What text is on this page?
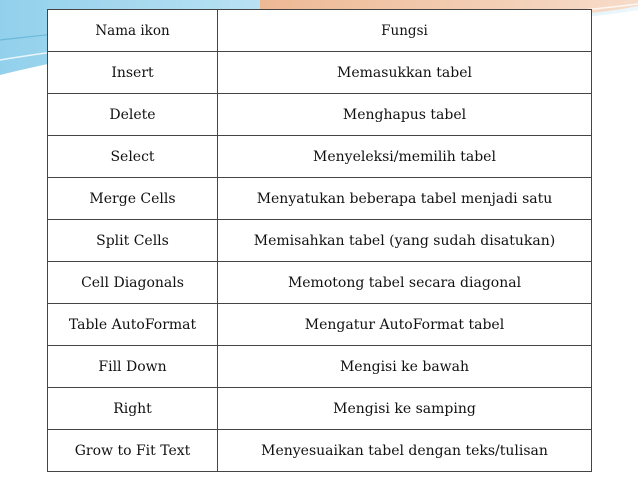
Nama ikon	Fungsi
Insert	Memasukkan tabel
Delete	Menghapus tabel
Select	Menyeleksi/memilih tabel
Merge Cells	Menyatukan beberapa tabel menjadi satu
Split Cells	Memisahkan tabel (yang sudah disatukan)
Cell Diagonals	Memotong tabel secara diagonal
Table AutoFormat	Mengatur AutoFormat tabel
Fill Down	Mengisi ke bawah
Right	Mengisi ke samping
Grow to Fit Text	Menyesuaikan tabel dengan teks/tulisan
